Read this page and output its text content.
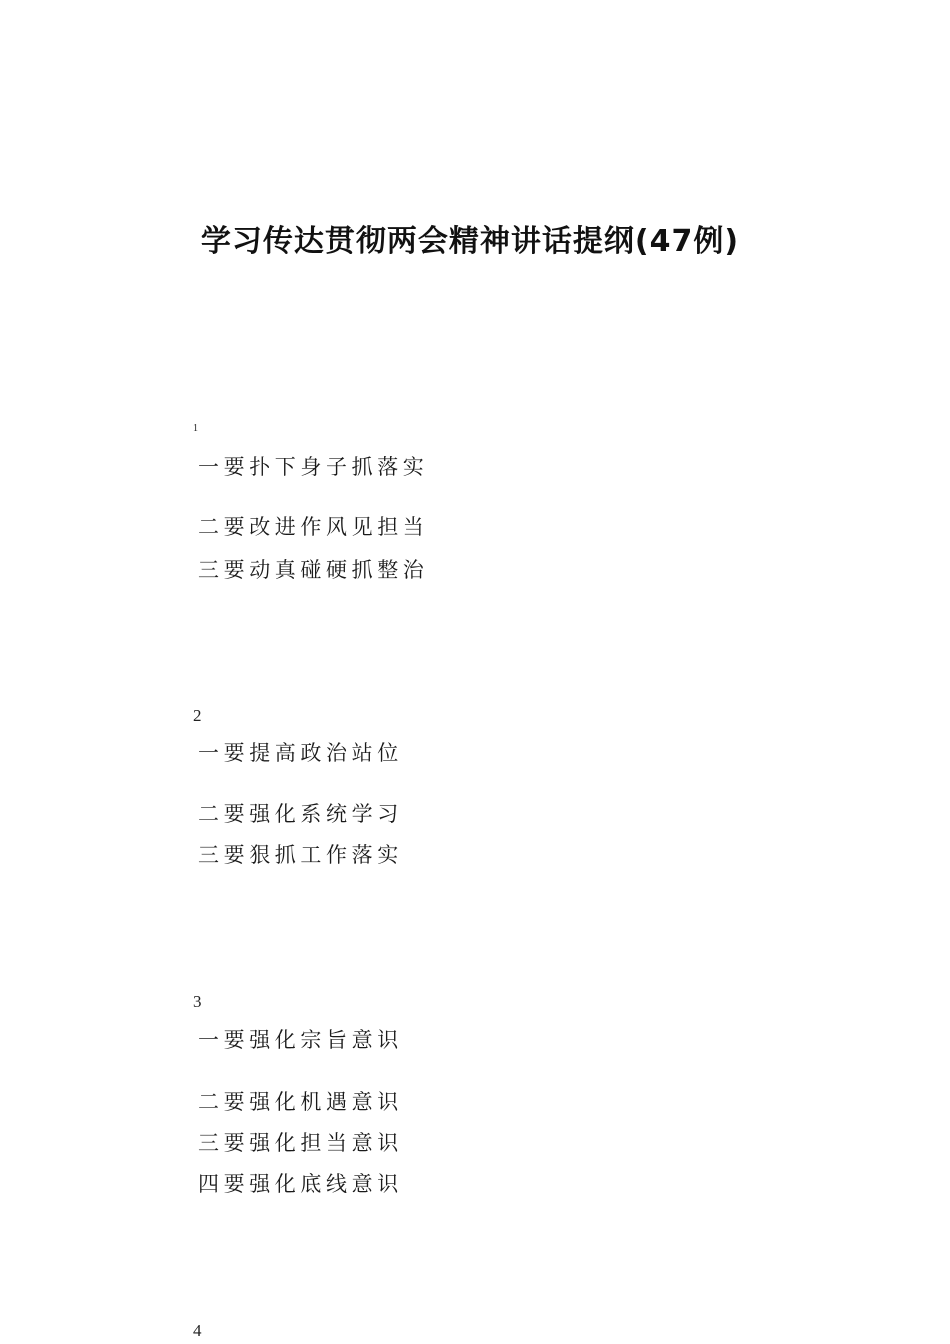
学习传达贯彻两会精神讲话提纲(47例)
1
一要扑下身子抓落实
二要改进作风见担当
三要动真碰硬抓整治
2
一要提高政治站位
二要强化系统学习
三要狠抓工作落实
3
一要强化宗旨意识
二要强化机遇意识
三要强化担当意识
四要强化底线意识
4
